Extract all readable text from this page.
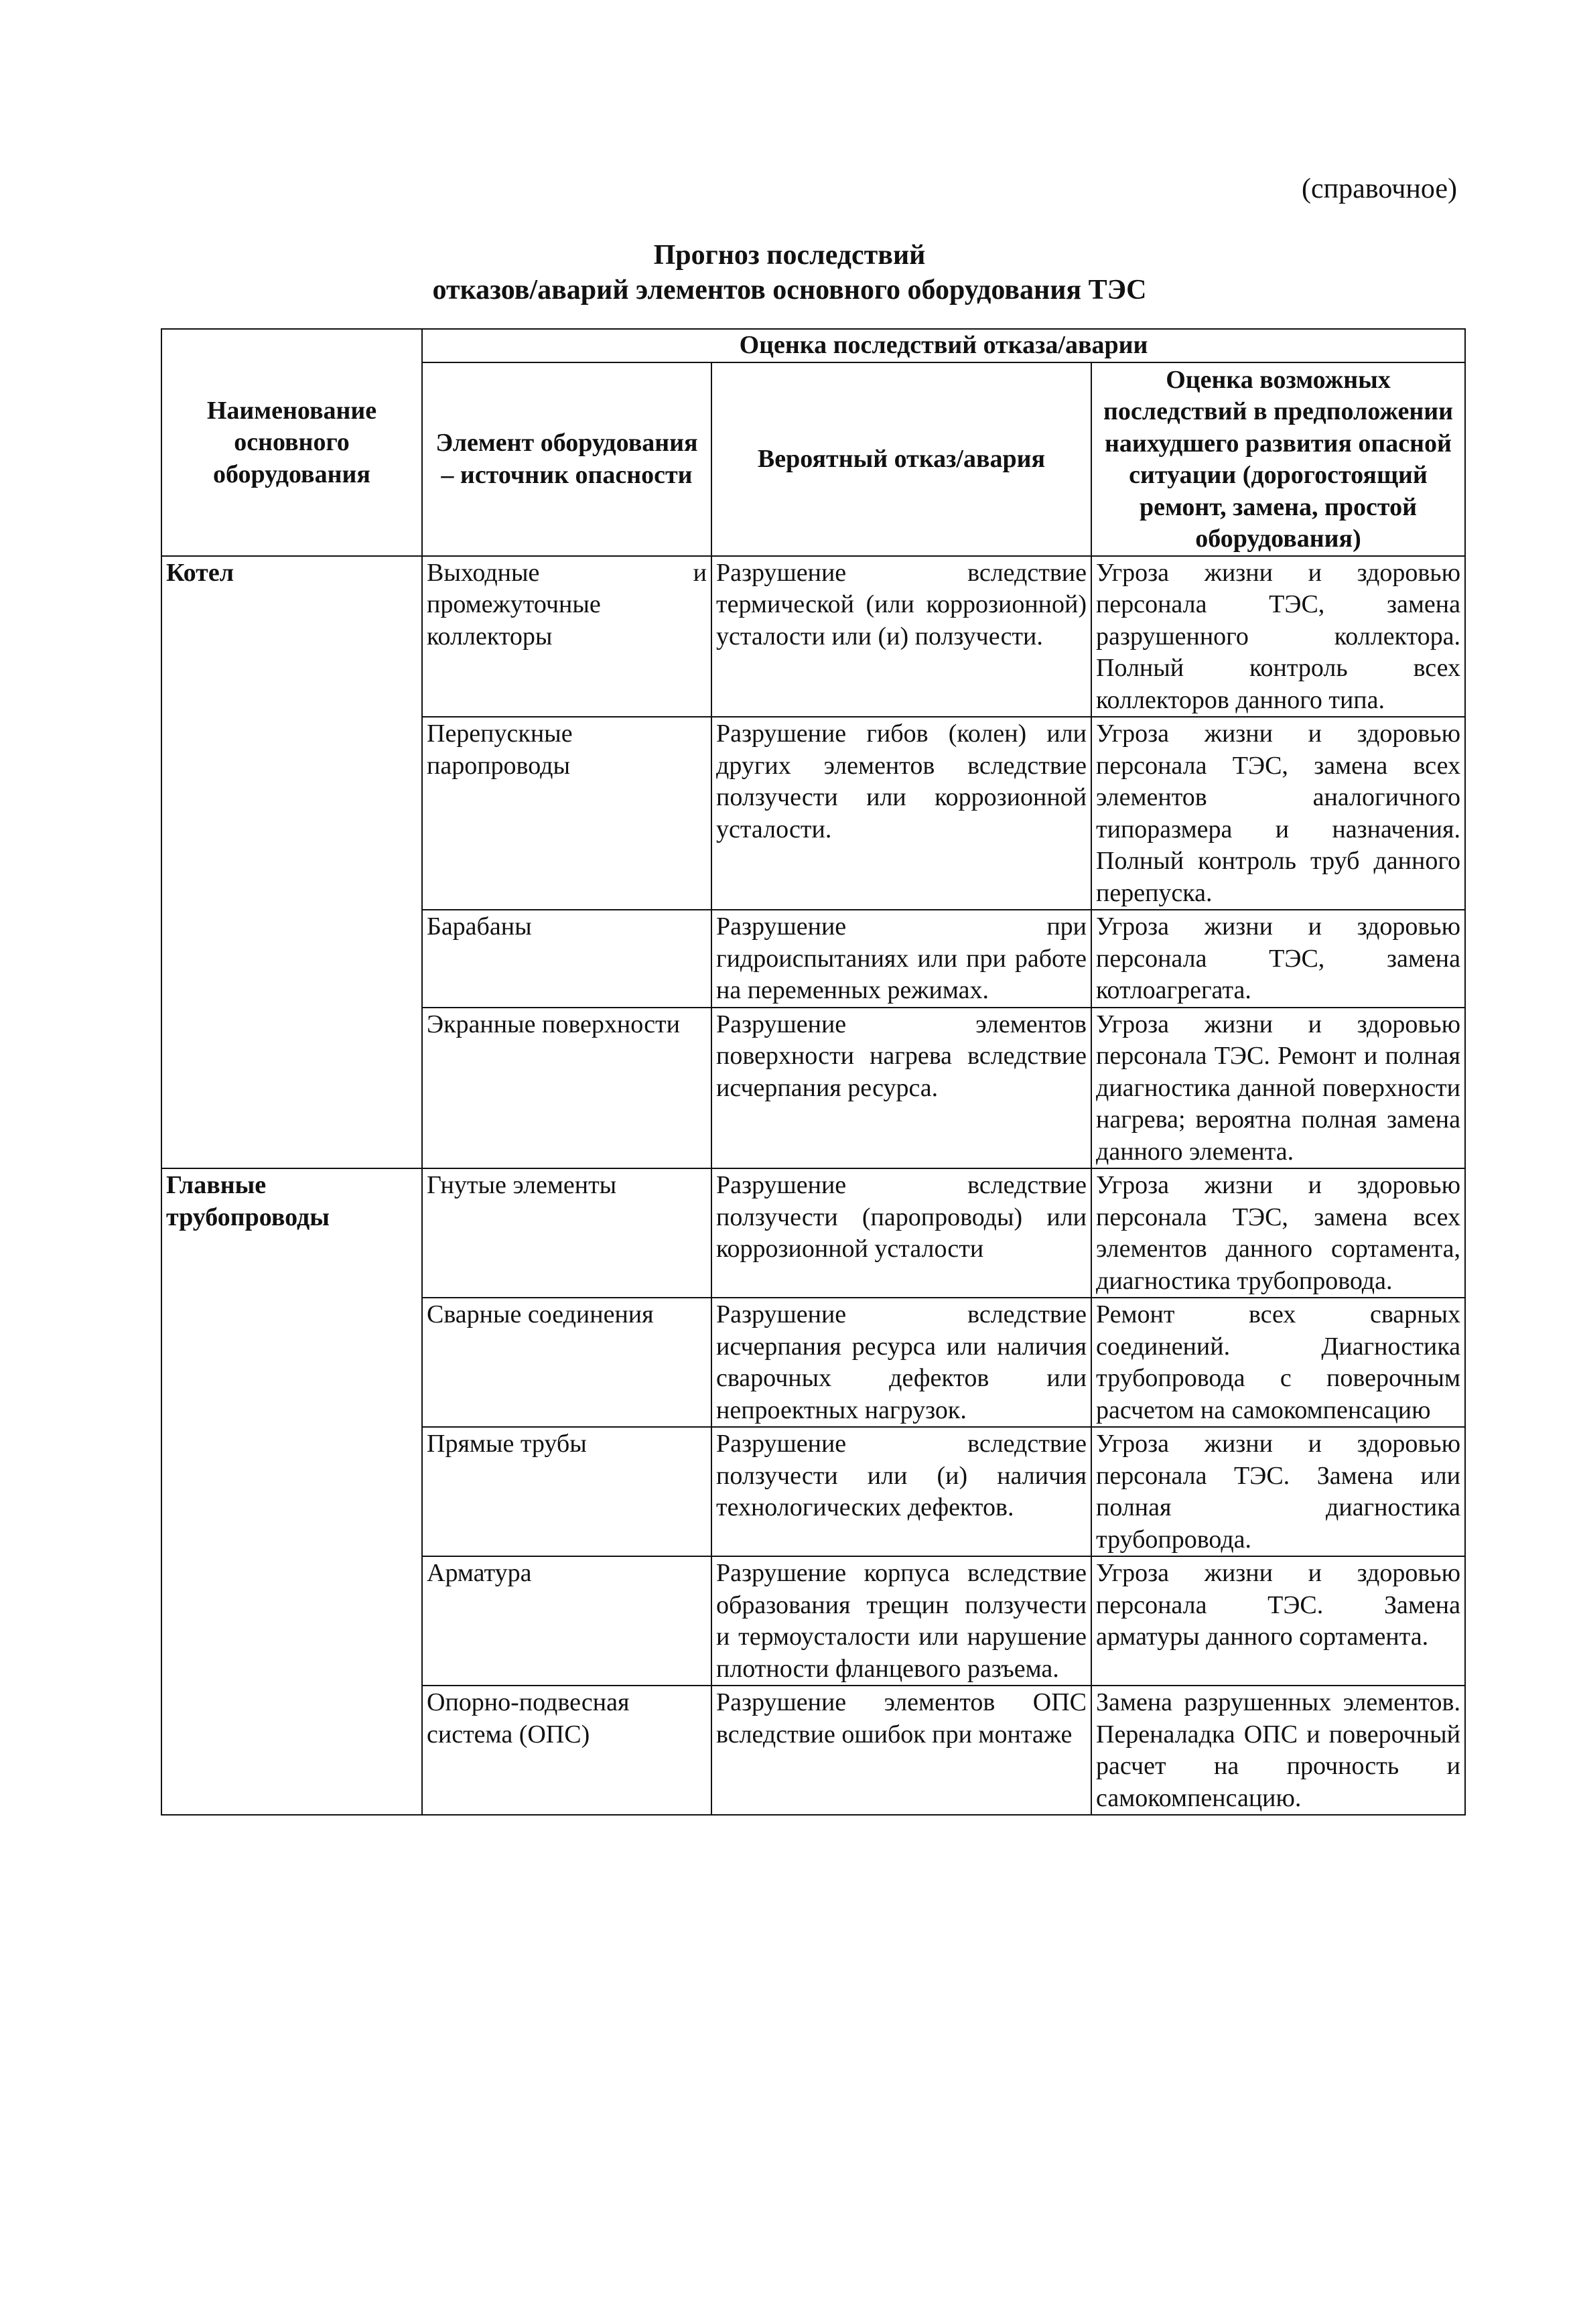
(справочное)
Прогноз последствий
отказов/аварий элементов основного оборудования ТЭС
Наименование основного оборудования	Оценка последствий отказа/аварии		
	Элемент оборудования – источник опасности	Вероятный отказ/авария	Оценка возможных последствий в предположении наихудшего развития опасной ситуации (дорогостоящий ремонт, замена, простой оборудования)
Котел	Выходные и промежуточные коллекторы	Разрушение вследствие термической (или коррозионной) усталости или (и) ползучести.	Угроза жизни и здоровью персонала ТЭС, замена разрушенного коллектора. Полный контроль всех коллекторов данного типа.
	Перепускные паропроводы	Разрушение гибов (колен) или других элементов вследствие ползучести или коррозионной усталости.	Угроза жизни и здоровью персонала ТЭС, замена всех элементов аналогичного типоразмера и назначения. Полный контроль труб данного перепуска.
	Барабаны	Разрушение при гидроиспытаниях или при работе на переменных режимах.	Угроза жизни и здоровью персонала ТЭС, замена котлоагрегата.
	Экранные поверхности	Разрушение элементов поверхности нагрева вследствие исчерпания ресурса.	Угроза жизни и здоровью персонала ТЭС. Ремонт и полная диагностика данной поверхности нагрева; вероятна полная замена данного элемента.
Главные трубопроводы	Гнутые элементы	Разрушение вследствие ползучести (паропроводы) или коррозионной усталости	Угроза жизни и здоровью персонала ТЭС, замена всех элементов данного сортамента, диагностика трубопровода.
	Сварные соединения	Разрушение вследствие исчерпания ресурса или наличия сварочных дефектов или непроектных нагрузок.	Ремонт всех сварных соединений. Диагностика трубопровода с поверочным расчетом на самокомпенсацию
	Прямые трубы	Разрушение вследствие ползучести или (и) наличия технологических дефектов.	Угроза жизни и здоровью персонала ТЭС. Замена или полная диагностика трубопровода.
	Арматура	Разрушение корпуса вследствие образования трещин ползучести и термоусталости или нарушение плотности фланцевого разъема.	Угроза жизни и здоровью персонала ТЭС. Замена арматуры данного сортамента.
	Опорно-подвесная система (ОПС)	Разрушение элементов ОПС вследствие ошибок при монтаже	Замена разрушенных элементов. Переналадка ОПС и поверочный расчет на прочность и самокомпенсацию.
